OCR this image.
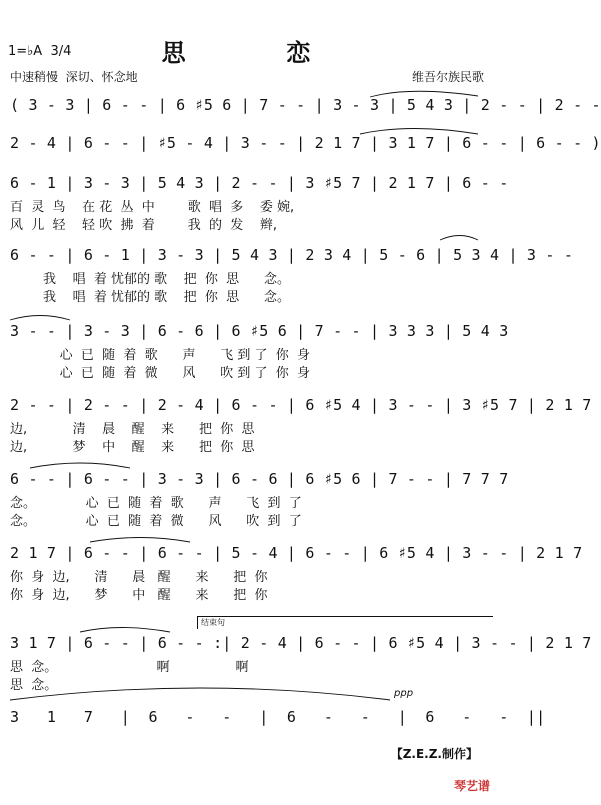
思  恋
1=♭A  3/4
中速稍慢  深切、怀念地	维吾尔族民歌
( 3 - 3 | 6 - - | 6 ♯5 6 | 7 - - | 3 - 3 | 5 4 3 | 2 - - | 2 - -
2 - 4 | 6 - - | ♯5 - 4 | 3 - - | 2 1 7 | 3 1 7 | 6 - - | 6 - - )
6 - 1 | 3 - 3 | 5 4 3 | 2 - - | 3 ♯5 7 | 2 1 7 | 6 - -
百  灵  鸟    在 花  丛  中        歌  唱  多    委 婉,
风  儿  轻    轻 吹  拂  着        我  的  发    辫,
6 - - | 6 - 1 | 3 - 3 | 5 4 3 | 2 3 4 | 5 - 6 | 5 3 4 | 3 - -
我    唱  着 忧郁的 歌    把  你  思      念。
我    唱  着 忧郁的 歌    把  你  思      念。
3 - - | 3 - 3 | 6 - 6 | 6 ♯5 6 | 7 - - | 3 3 3 | 5 4 3
心  已  随  着  歌      声      飞 到 了  你  身
心  已  随  着  微      风      吹 到 了  你  身
2 - - | 2 - - | 2 - 4 | 6 - - | 6 ♯5 4 | 3 - - | 3 ♯5 7 | 2 1 7
边,           清    晨    醒    来      把  你  思
边,           梦    中    醒    来      把  你  思
6 - - | 6 - - | 3 - 3 | 6 - 6 | 6 ♯5 6 | 7 - - | 7 7 7
念。            心  已  随  着  歌      声      飞  到  了
念。            心  已  随  着  微      风      吹  到  了
2 1 7 | 6 - - | 6 - - | 5 - 4 | 6 - - | 6 ♯5 4 | 3 - - | 2 1 7
你  身  边,      清      晨   醒      来      把  你
你  身  边,      梦      中   醒      来      把  你
结束句
3 1 7 | 6 - - | 6 - - :| 2 - 4 | 6 - - | 6 ♯5 4 | 3 - - | 2 1 7
思  念。                        啊                啊
思  念。
ppp
3   1   7   |  6   -   -   |  6   -   -   |  6   -   -  ||
【Z.E.Z.制作】
琴艺谱
